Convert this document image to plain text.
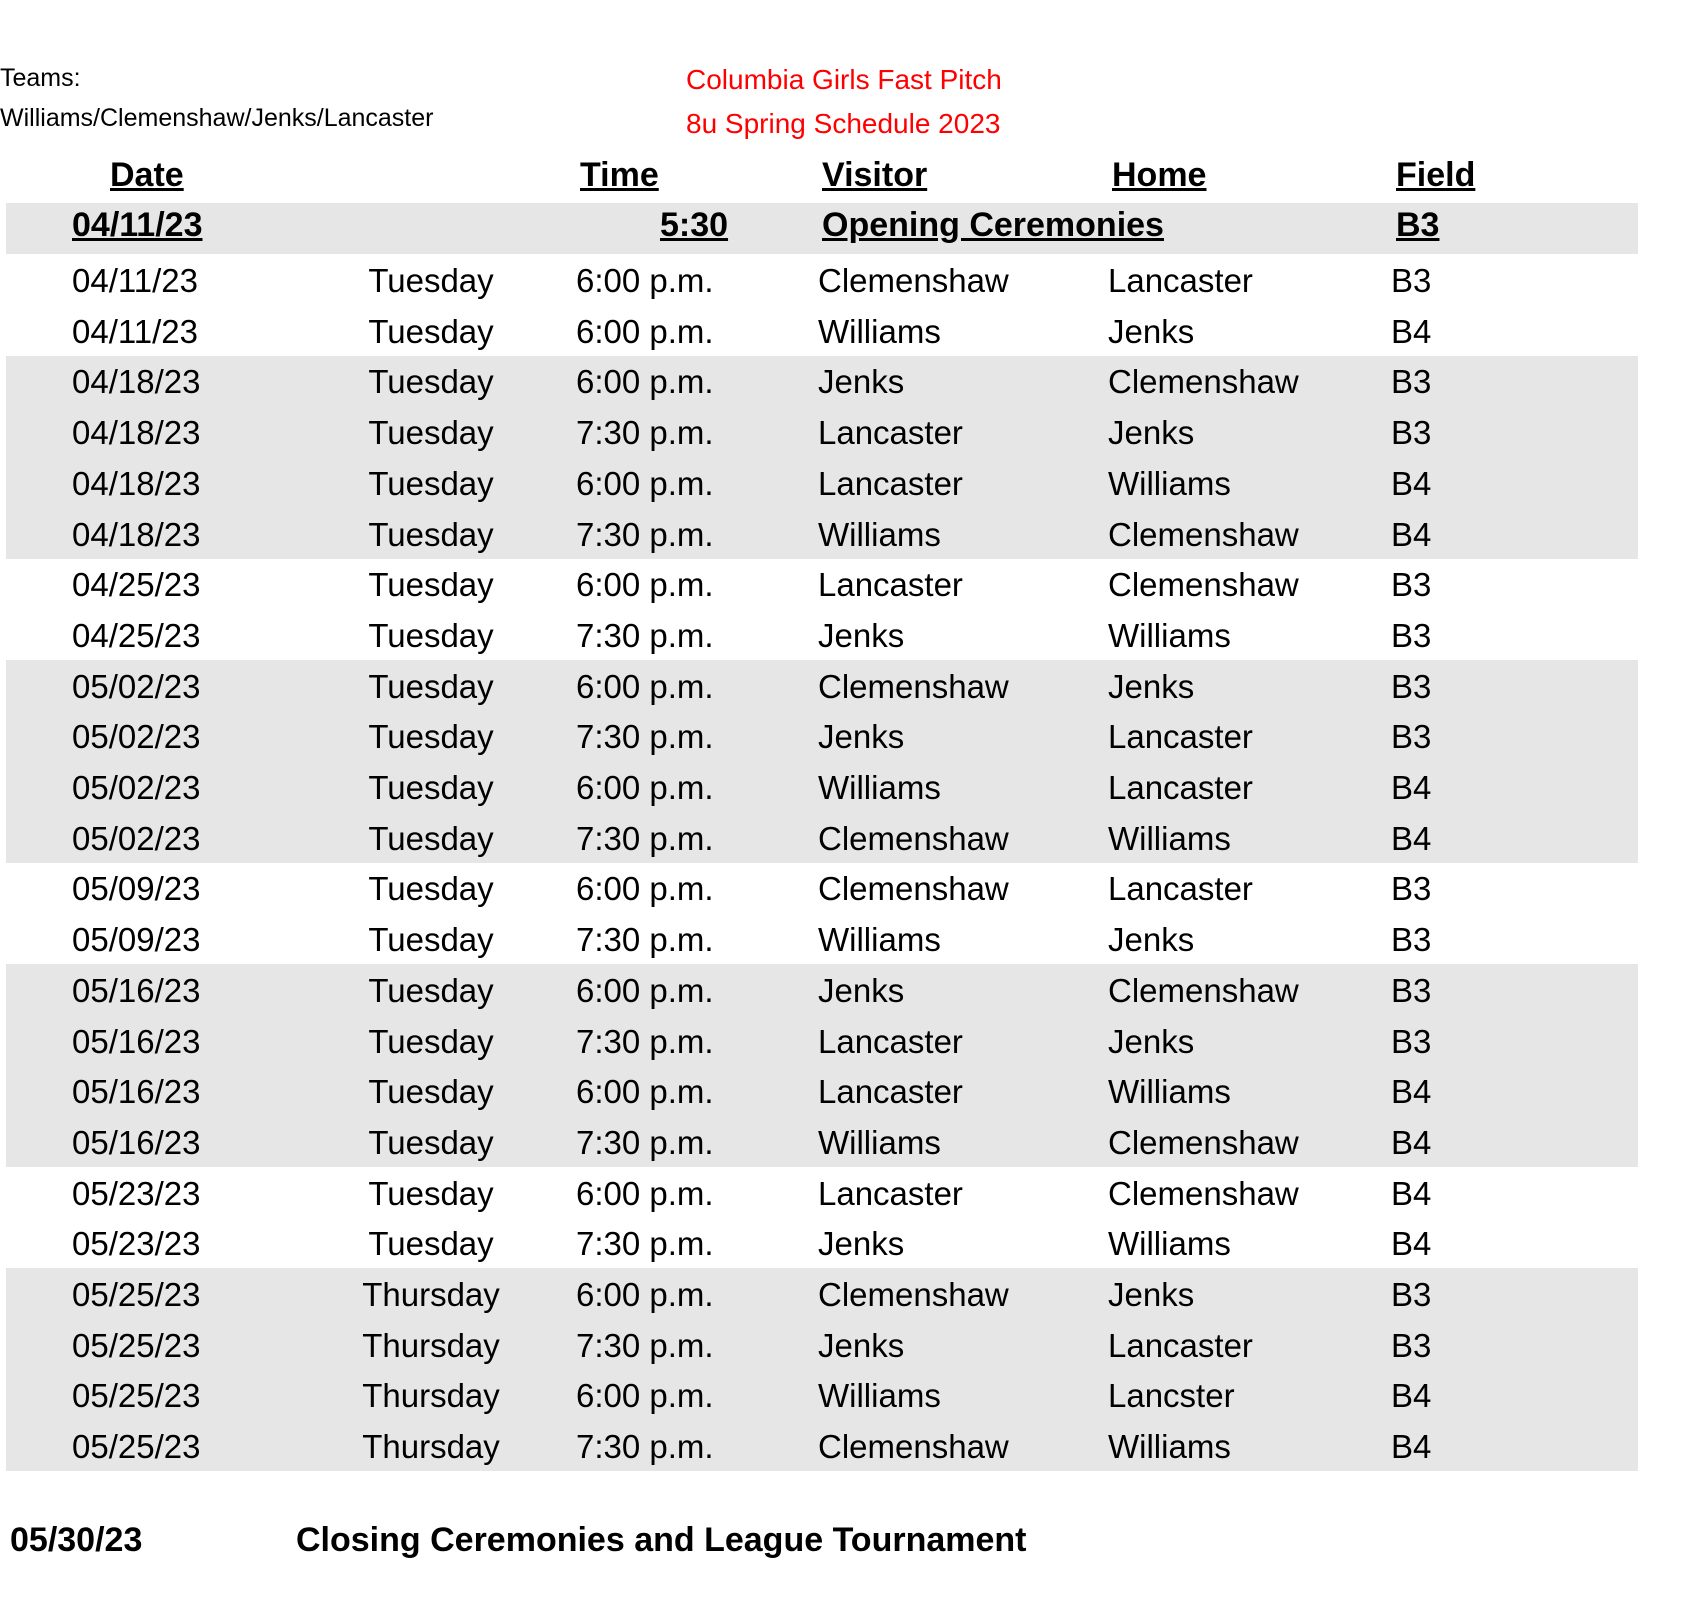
Teams:
Williams/Clemenshaw/Jenks/Lancaster
Columbia Girls Fast Pitch
8u Spring Schedule 2023
Date	Time	Visitor	Home	Field
04/11/23	5:30	Opening Ceremonies	B3
04/11/23	Tuesday	6:00 p.m.	Clemenshaw	Lancaster	B3
04/11/23	Tuesday	6:00 p.m.	Williams	Jenks	B4
04/18/23	Tuesday	6:00 p.m.	Jenks	Clemenshaw	B3
04/18/23	Tuesday	7:30 p.m.	Lancaster	Jenks	B3
04/18/23	Tuesday	6:00 p.m.	Lancaster	Williams	B4
04/18/23	Tuesday	7:30 p.m.	Williams	Clemenshaw	B4
04/25/23	Tuesday	6:00 p.m.	Lancaster	Clemenshaw	B3
04/25/23	Tuesday	7:30 p.m.	Jenks	Williams	B3
05/02/23	Tuesday	6:00 p.m.	Clemenshaw	Jenks	B3
05/02/23	Tuesday	7:30 p.m.	Jenks	Lancaster	B3
05/02/23	Tuesday	6:00 p.m.	Williams	Lancaster	B4
05/02/23	Tuesday	7:30 p.m.	Clemenshaw	Williams	B4
05/09/23	Tuesday	6:00 p.m.	Clemenshaw	Lancaster	B3
05/09/23	Tuesday	7:30 p.m.	Williams	Jenks	B3
05/16/23	Tuesday	6:00 p.m.	Jenks	Clemenshaw	B3
05/16/23	Tuesday	7:30 p.m.	Lancaster	Jenks	B3
05/16/23	Tuesday	6:00 p.m.	Lancaster	Williams	B4
05/16/23	Tuesday	7:30 p.m.	Williams	Clemenshaw	B4
05/23/23	Tuesday	6:00 p.m.	Lancaster	Clemenshaw	B4
05/23/23	Tuesday	7:30 p.m.	Jenks	Williams	B4
05/25/23	Thursday 6:00 p.m.	Clemenshaw	Jenks	B3
05/25/23	Thursday 7:30 p.m.	Jenks	Lancaster	B3
05/25/23	Thursday 6:00 p.m.	Williams	Lancster	B4
05/25/23	Thursday 7:30 p.m.	Clemenshaw	Williams	B4
05/30/23	Closing Ceremonies and League Tournament
